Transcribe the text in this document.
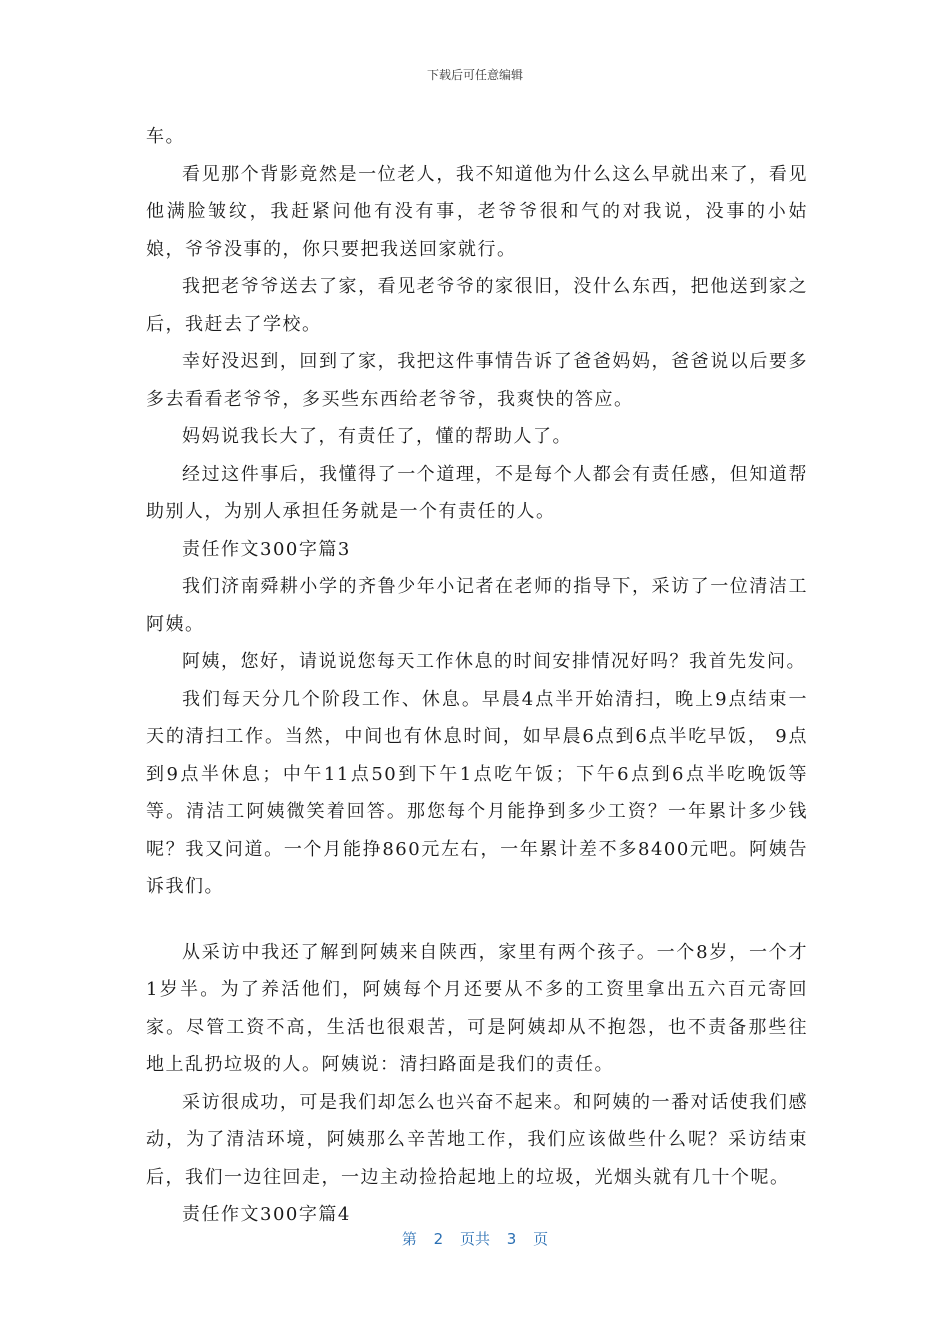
下载后可任意编辑

车。

看见那个背影竟然是一位老人，我不知道他为什么这么早就出来了，看见他满脸皱纹，我赶紧问他有没有事，老爷爷很和气的对我说，没事的小姑娘，爷爷没事的，你只要把我送回家就行。

我把老爷爷送去了家，看见老爷爷的家很旧，没什么东西，把他送到家之后，我赶去了学校。

幸好没迟到，回到了家，我把这件事情告诉了爸爸妈妈，爸爸说以后要多多去看看老爷爷，多买些东西给老爷爷，我爽快的答应。

妈妈说我长大了，有责任了，懂的帮助人了。

经过这件事后，我懂得了一个道理，不是每个人都会有责任感，但知道帮助别人，为别人承担任务就是一个有责任的人。

责任作文300字篇3

我们济南舜耕小学的齐鲁少年小记者在老师的指导下，采访了一位清洁工阿姨。

阿姨，您好，请说说您每天工作休息的时间安排情况好吗？我首先发问。

我们每天分几个阶段工作、休息。早晨4点半开始清扫，晚上9点结束一天的清扫工作。当然，中间也有休息时间，如早晨6点到6点半吃早饭， 9点到9点半休息；中午11点50到下午1点吃午饭；下午6点到6点半吃晚饭等等。清洁工阿姨微笑着回答。那您每个月能挣到多少工资？一年累计多少钱呢？我又问道。一个月能挣860元左右，一年累计差不多8400元吧。阿姨告诉我们。

从采访中我还了解到阿姨来自陕西，家里有两个孩子。一个8岁，一个才1岁半。为了养活他们，阿姨每个月还要从不多的工资里拿出五六百元寄回家。尽管工资不高，生活也很艰苦，可是阿姨却从不抱怨，也不责备那些往地上乱扔垃圾的人。阿姨说：清扫路面是我们的责任。

采访很成功，可是我们却怎么也兴奋不起来。和阿姨的一番对话使我们感动，为了清洁环境，阿姨那么辛苦地工作，我们应该做些什么呢？采访结束后，我们一边往回走，一边主动捡拾起地上的垃圾，光烟头就有几十个呢。

责任作文300字篇4

第 2 页共 3 页
